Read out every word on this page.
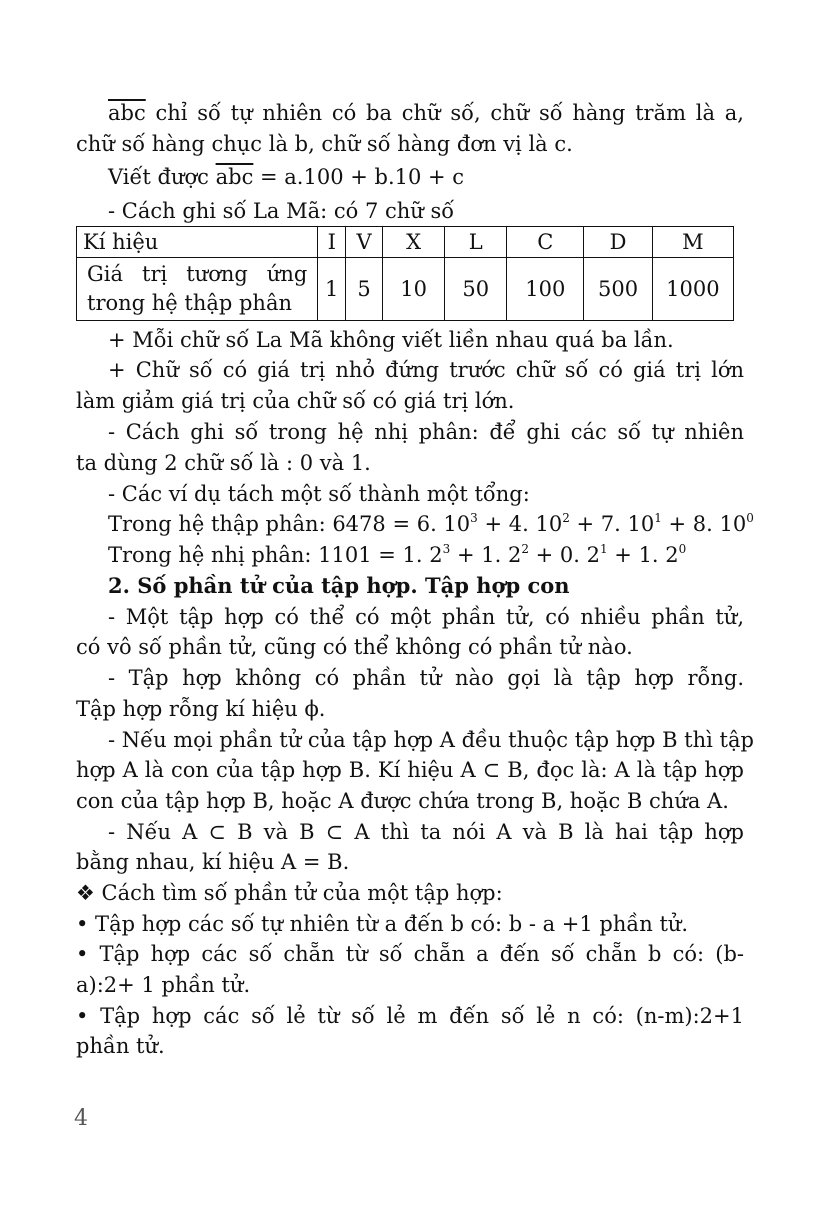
$\overline{abc}$ chỉ số tự nhiên có ba chữ số, chữ số hàng trăm là a,
chữ số hàng chục là b, chữ số hàng đơn vị là c.
Viết được $\overline{abc} = a.100 + b.10 + c$
- Cách ghi số La Mã: có 7 chữ số
Kí hiệu	I	V	X	L	C	D	M

Giá trị tương ứng
trong hệ thập phân	1	5	10	50	100	500	1000
+ Mỗi chữ số La Mã không viết liền nhau quá ba lần.
+ Chữ số có giá trị nhỏ đứng trước chữ số có giá trị lớn
làm giảm giá trị của chữ số có giá trị lớn.
- Cách ghi số trong hệ nhị phân: để ghi các số tự nhiên
ta dùng 2 chữ số là : 0 và 1.
- Các ví dụ tách một số thành một tổng:
Trong hệ thập phân: 6478 = 6. $10^3 + 4$. $10^2 + 7$. $10^1 + 8$. $10^0$
Trong hệ nhị phân: 1101 = 1. $2^3 + 1$. $2^2 + 0$. $2^1 + 1$. $2^0$
2. Số phần tử của tập hợp. Tập hợp con
- Một tập hợp có thể có một phần tử, có nhiều phần tử,
có vô số phần tử, cũng có thể không có phần tử nào.
- Tập hợp không có phần tử nào gọi là tập hợp rỗng.
Tập hợp rỗng kí hiệu ϕ.
- Nếu mọi phần tử của tập hợp A đều thuộc tập hợp B thì tập
hợp A là con của tập hợp B. Kí hiệu A ⊂ B, đọc là: A là tập hợp
con của tập hợp B, hoặc A được chứa trong B, hoặc B chứa A.
- Nếu A ⊂ B và B ⊂ A thì ta nói A và B là hai tập hợp
bằng nhau, kí hiệu A = B.
❖ Cách tìm số phần tử của một tập hợp:
• Tập hợp các số tự nhiên từ a đến b có: b - a +1 phần tử.
• Tập hợp các số chẵn từ số chẵn a đến số chẵn b có: (b-
a):2+ 1 phần tử.
• Tập hợp các số lẻ từ số lẻ m đến số lẻ n có: (n-m):2+1
phần tử.
4
